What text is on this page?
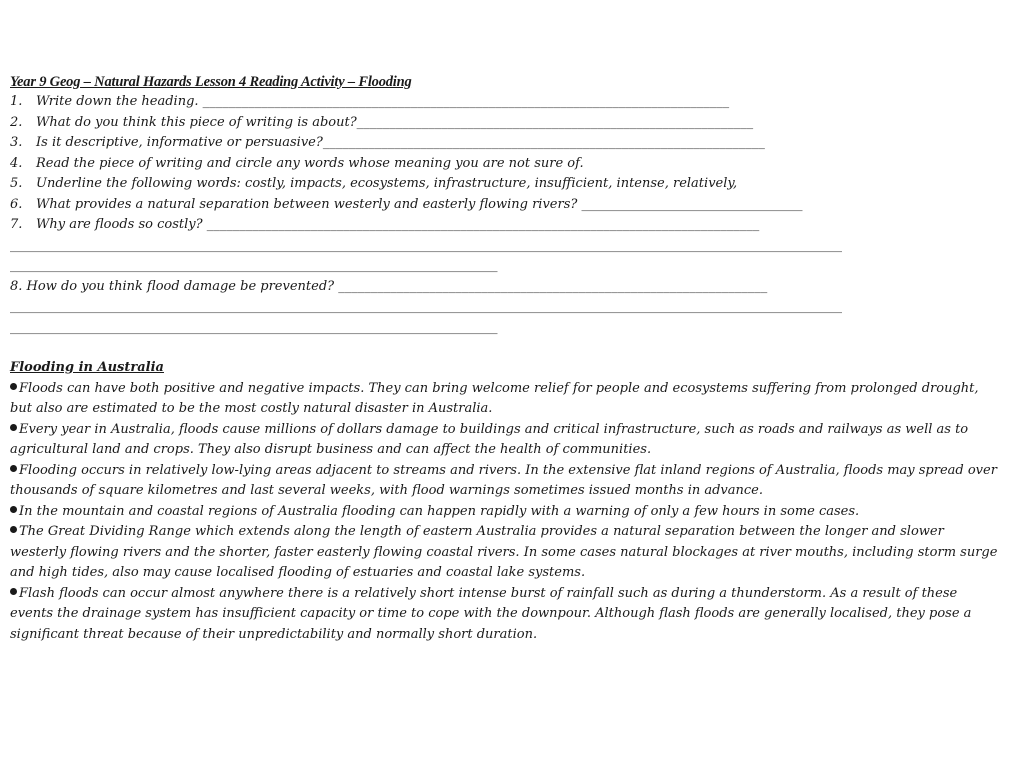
Year 9 Geog – Natural Hazards Lesson 4 Reading Activity – Flooding
1.	Write down the heading. _________________________________________________________________________________
2.	What do you think this piece of writing is about?_____________________________________________________________
3.	Is it descriptive, informative or persuasive?____________________________________________________________________
4.	Read the piece of writing and circle any words whose meaning you are not sure of.
5.	Underline the following words: costly, impacts, ecosystems, infrastructure, insufficient, intense, relatively,
6.	What provides a natural separation between westerly and easterly flowing rivers? __________________________________
7.	Why are floods so costly? _____________________________________________________________________________________
________________________________________________________________________________________________________________________________
___________________________________________________________________________
8. How do you think flood damage be prevented? __________________________________________________________________
________________________________________________________________________________________________________________________________
___________________________________________________________________________
Flooding in Australia

Floods can have both positive and negative impacts. They can bring welcome relief for people and ecosystems suffering from prolonged drought, but also are estimated to be the most costly natural disaster in Australia.

Every year in Australia, floods cause millions of dollars damage to buildings and critical infrastructure, such as roads and railways as well as to agricultural land and crops. They also disrupt business and can affect the health of communities.

Flooding occurs in relatively low-lying areas adjacent to streams and rivers. In the extensive flat inland regions of Australia, floods may spread over thousands of square kilometres and last several weeks, with flood warnings sometimes issued months in advance.

In the mountain and coastal regions of Australia flooding can happen rapidly with a warning of only a few hours in some cases.

The Great Dividing Range which extends along the length of eastern Australia provides a natural separation between the longer and slower westerly flowing rivers and the shorter, faster easterly flowing coastal rivers. In some cases natural blockages at river mouths, including storm surge and high tides, also may cause localised flooding of estuaries and coastal lake systems.

Flash floods can occur almost anywhere there is a relatively short intense burst of rainfall such as during a thunderstorm. As a result of these events the drainage system has insufficient capacity or time to cope with the downpour. Although flash floods are generally localised, they pose a significant threat because of their unpredictability and normally short duration.
